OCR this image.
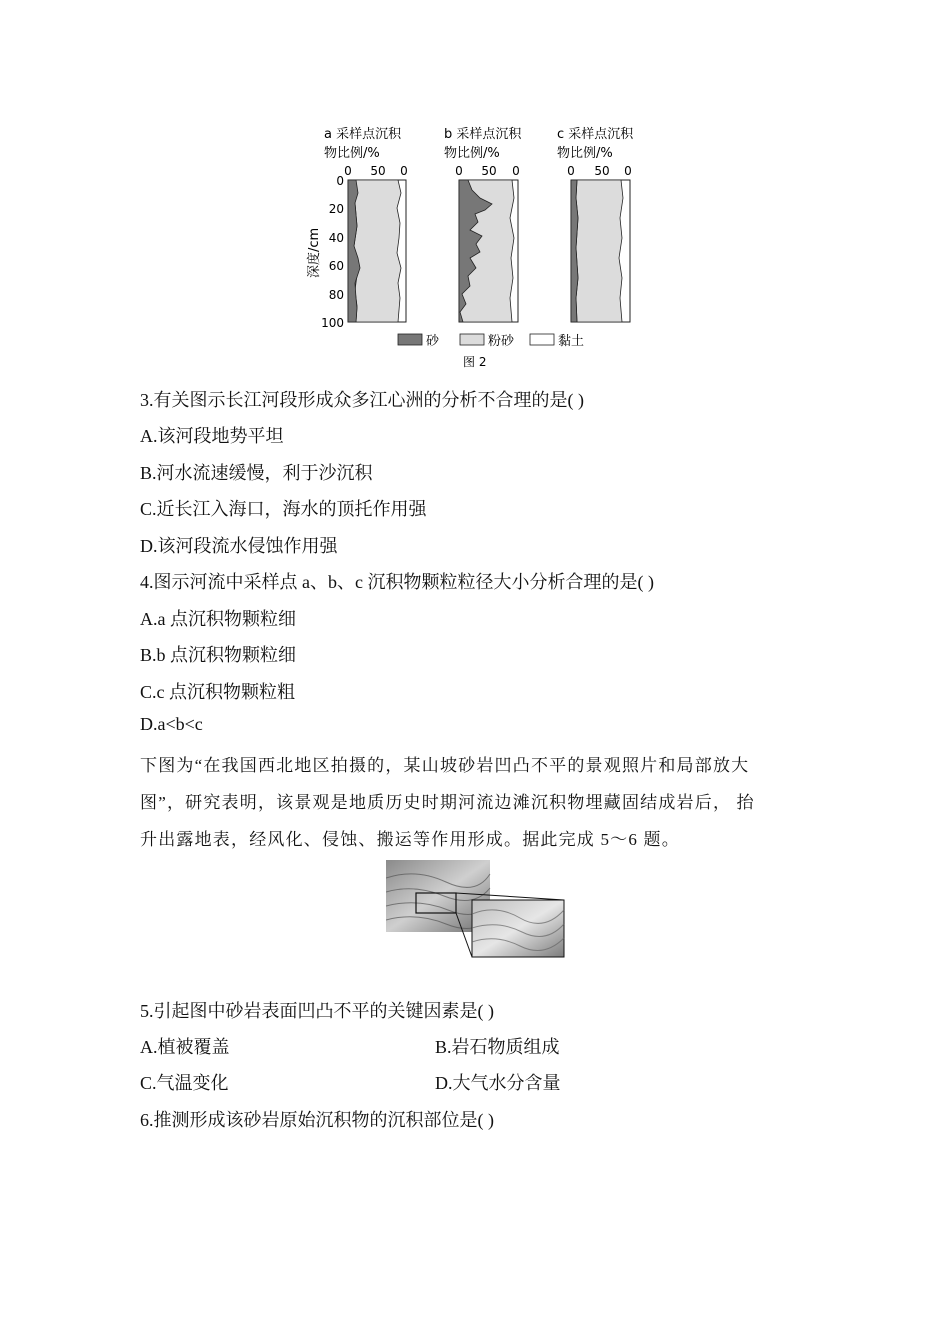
a 采样点沉积
物比例/%
b 采样点沉积
物比例/%
c 采样点沉积
物比例/%
0 50 0	0 50 0	0 50 0
0
20
40
60
80
100
深度/cm
砂	粉砂	黏土
图 2
3.有关图示长江河段形成众多江心洲的分析不合理的是( )
A.该河段地势平坦
B.河水流速缓慢，利于沙沉积
C.近长江入海口，海水的顶托作用强
D.该河段流水侵蚀作用强
4.图示河流中采样点 a、b、c 沉积物颗粒粒径大小分析合理的是( )
A.a 点沉积物颗粒细
B.b 点沉积物颗粒细
C.c 点沉积物颗粒粗
D.a<b<c
下图为“在我国西北地区拍摄的，某山坡砂岩凹凸不平的景观照片和局部放大
图”，研究表明，该景观是地质历史时期河流边滩沉积物埋藏固结成岩后， 抬
升出露地表，经风化、侵蚀、搬运等作用形成。据此完成 5～6 题。
5.引起图中砂岩表面凹凸不平的关键因素是( )
A.植被覆盖	B.岩石物质组成
C.气温变化	D.大气水分含量
6.推测形成该砂岩原始沉积物的沉积部位是( )
